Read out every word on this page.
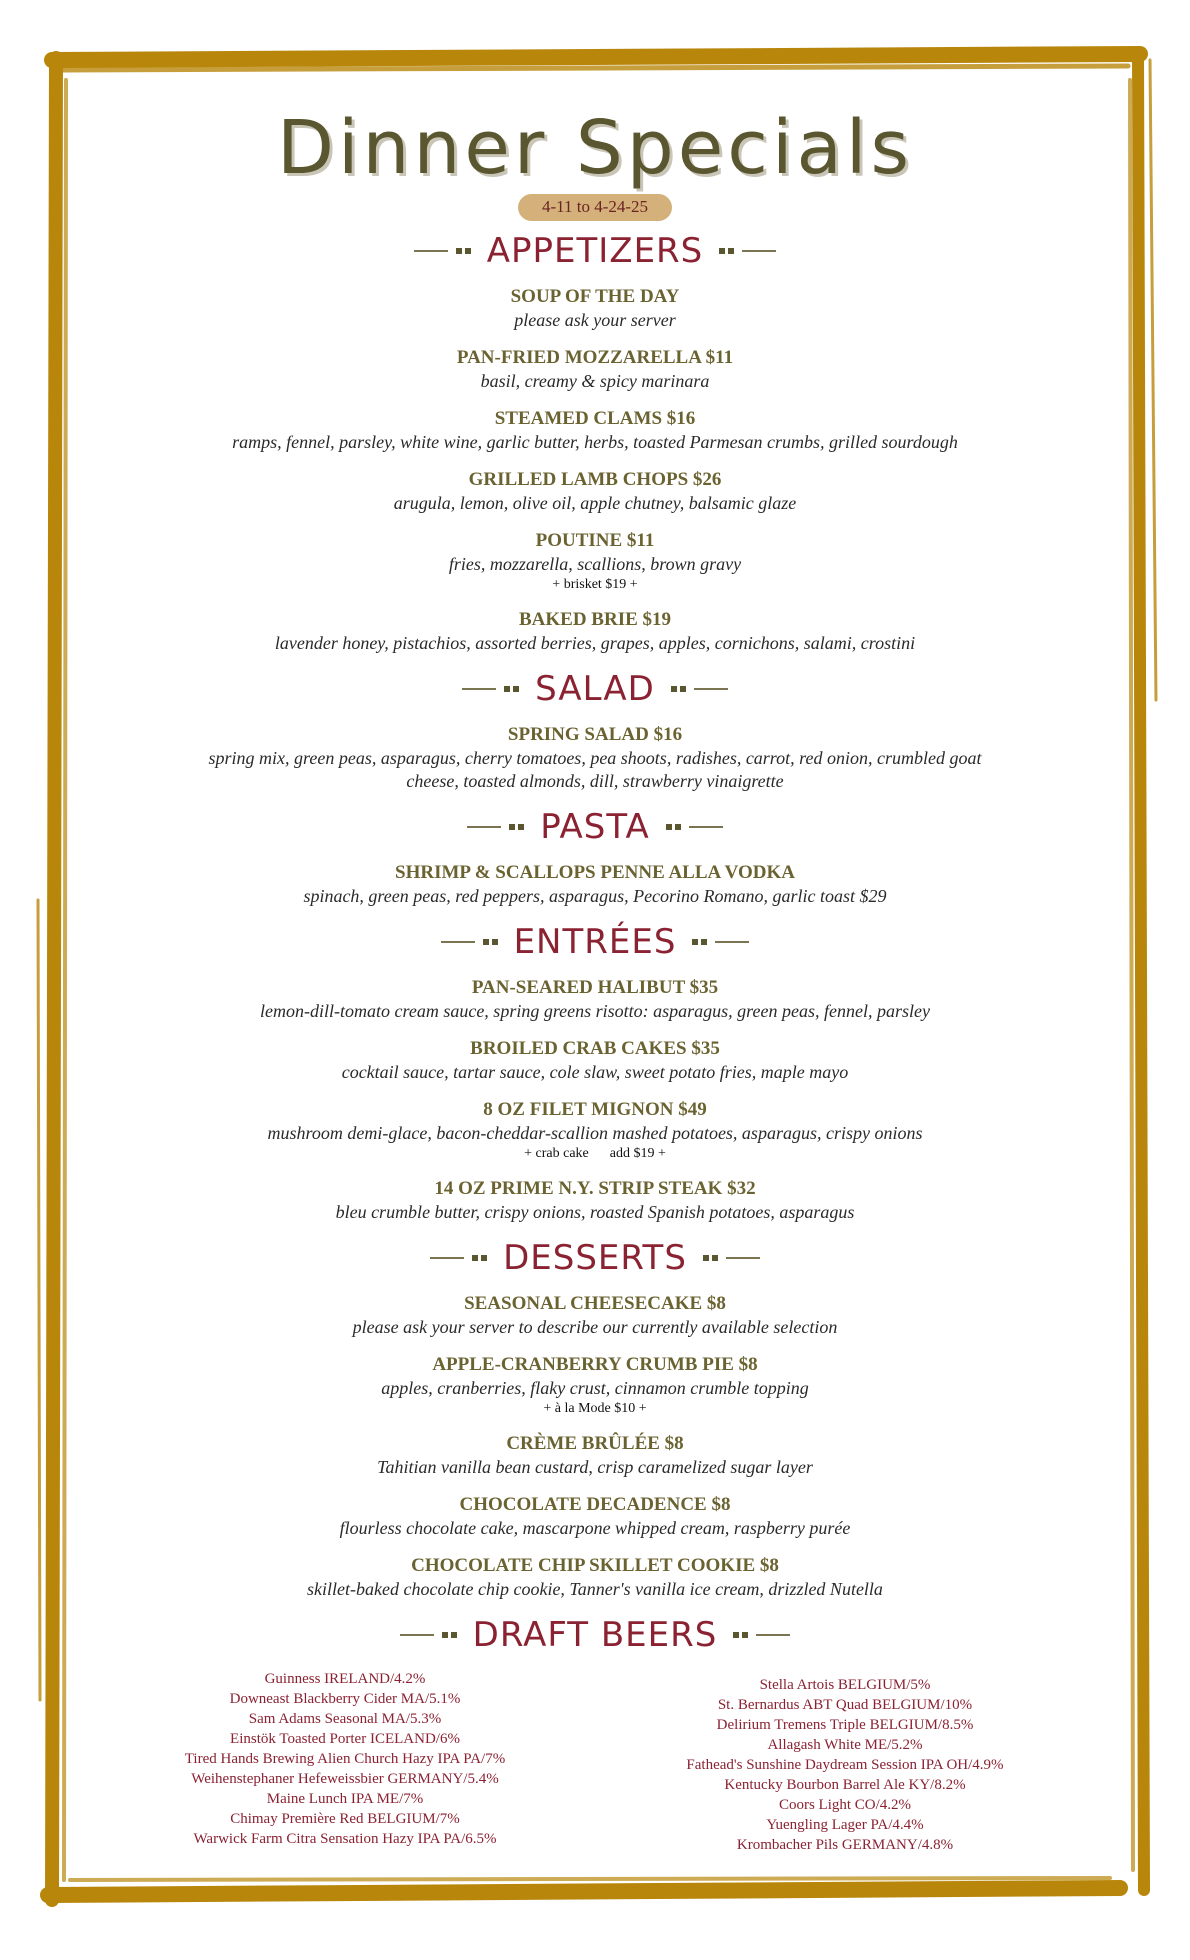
Dinner Specials
4-11 to 4-24-25
APPETIZERS
SOUP OF THE DAY
please ask your server
PAN-FRIED MOZZARELLA $11
basil, creamy & spicy marinara
STEAMED CLAMS $16
ramps, fennel, parsley, white wine, garlic butter, herbs, toasted Parmesan crumbs, grilled sourdough
GRILLED LAMB CHOPS $26
arugula, lemon, olive oil, apple chutney, balsamic glaze
POUTINE $11
fries, mozzarella, scallions, brown gravy
+ brisket $19 +
BAKED BRIE $19
lavender honey, pistachios, assorted berries, grapes, apples, cornichons, salami, crostini
SALAD
SPRING SALAD $16
spring mix, green peas, asparagus, cherry tomatoes, pea shoots, radishes, carrot, red onion, crumbled goat cheese, toasted almonds, dill, strawberry vinaigrette
PASTA
SHRIMP & SCALLOPS PENNE ALLA VODKA
spinach, green peas, red peppers, asparagus, Pecorino Romano, garlic toast $29
ENTRÉES
PAN-SEARED HALIBUT $35
lemon-dill-tomato cream sauce, spring greens risotto: asparagus, green peas, fennel, parsley
BROILED CRAB CAKES $35
cocktail sauce, tartar sauce, cole slaw, sweet potato fries, maple mayo
8 OZ FILET MIGNON $49
mushroom demi-glace, bacon-cheddar-scallion mashed potatoes, asparagus, crispy onions
+ crab cake      add $19 +
14 OZ PRIME N.Y. STRIP STEAK $32
bleu crumble butter, crispy onions, roasted Spanish potatoes, asparagus
DESSERTS
SEASONAL CHEESECAKE $8
please ask your server to describe our currently available selection
APPLE-CRANBERRY CRUMB PIE $8
apples, cranberries, flaky crust, cinnamon crumble topping
+ à la Mode $10 +
CRÈME BRÛLÉE $8
Tahitian vanilla bean custard, crisp caramelized sugar layer
CHOCOLATE DECADENCE $8
flourless chocolate cake, mascarpone whipped cream, raspberry purée
CHOCOLATE CHIP SKILLET COOKIE $8
skillet-baked chocolate chip cookie, Tanner's vanilla ice cream, drizzled Nutella
DRAFT BEERS
Guinness IRELAND/4.2%
Downeast Blackberry Cider MA/5.1%
Sam Adams Seasonal MA/5.3%
Einstök Toasted Porter ICELAND/6%
Tired Hands Brewing Alien Church Hazy IPA PA/7%
Weihenstephaner Hefeweissbier GERMANY/5.4%
Maine Lunch IPA ME/7%
Chimay Première Red BELGIUM/7%
Warwick Farm Citra Sensation Hazy IPA PA/6.5%
Stella Artois BELGIUM/5%
St. Bernardus ABT Quad BELGIUM/10%
Delirium Tremens Triple BELGIUM/8.5%
Allagash White ME/5.2%
Fathead's Sunshine Daydream Session IPA OH/4.9%
Kentucky Bourbon Barrel Ale KY/8.2%
Coors Light CO/4.2%
Yuengling Lager PA/4.4%
Krombacher Pils GERMANY/4.8%
